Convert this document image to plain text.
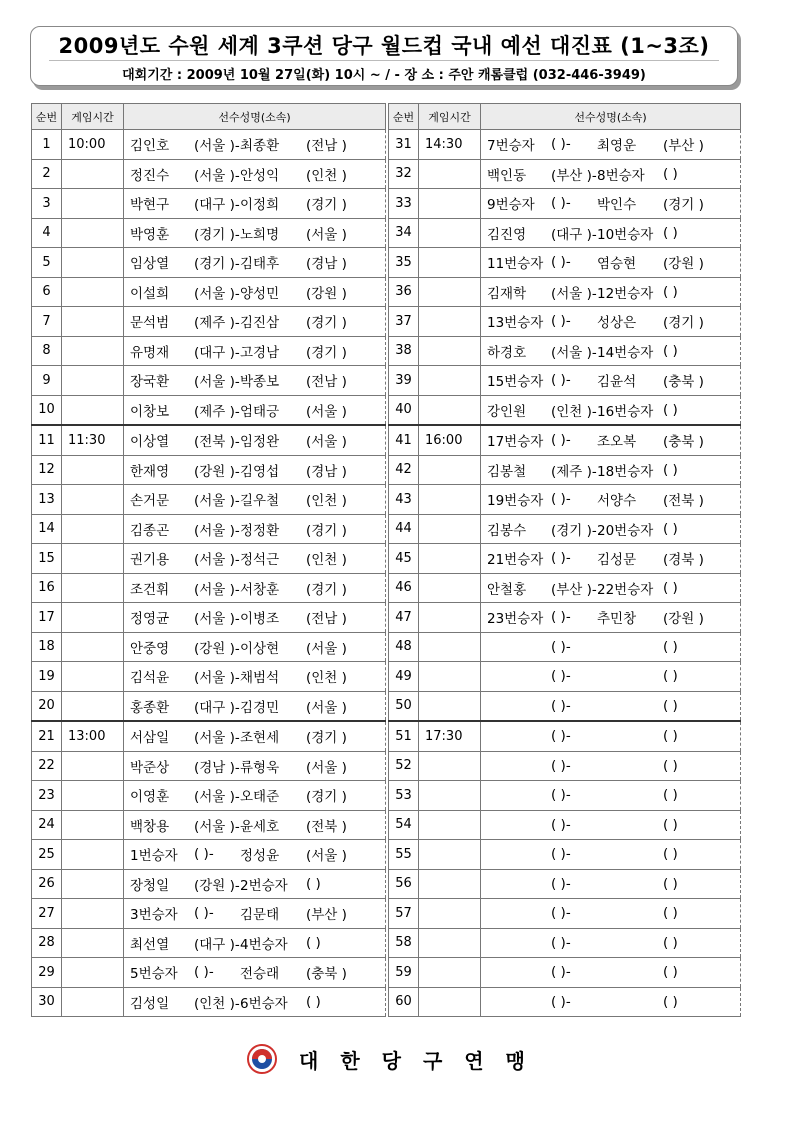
2009년도 수원 세계 3쿠션 당구 월드컵 국내 예선 대진표 (1~3조)
대회기간 : 2009년 10월 27일(화) 10시 ~ / - 장 소 : 주안 캐롬클럽 (032-446-3949)
순번	게임시간	선수성명(소속)
1	10:00	김인호 (서울 )- 최종환 (전남 )

2		정진수 (서울 )- 안성익 (인천 )

3		박현구 (대구 )- 이정희 (경기 )

4		박영훈 (경기 )- 노희명 (서울 )

5		임상열 (경기 )- 김태후 (경남 )

6		이설희 (서울 )- 양성민 (강원 )

7		문석범 (제주 )- 김진삼 (경기 )

8		유명재 (대구 )- 고경남 (경기 )

9		장국환 (서울 )- 박종보 (전남 )

10		이창보 (제주 )- 엄태긍 (서울 )

11	11:30	이상열 (전북 )- 임정완 (서울 )

12		한재영 (강원 )- 김영섭 (경남 )

13		손거문 (서울 )- 길우철 (인천 )

14		김종곤 (서울 )- 정정환 (경기 )

15		권기용 (서울 )- 정석근 (인천 )

16		조건휘 (서울 )- 서창훈 (경기 )

17		정영균 (서울 )- 이병조 (전남 )

18		안중영 (강원 )- 이상현 (서울 )

19		김석윤 (서울 )- 채범석 (인천 )

20		홍종환 (대구 )- 김경민 (서울 )

21	13:00	서삼일 (서울 )- 조현세 (경기 )

22		박준상 (경남 )- 류형욱 (서울 )

23		이영훈 (서울 )- 오태준 (경기 )

24		백창용 (서울 )- 윤세호 (전북 )

25		1번승자 ( )- 정성윤 (서울 )

26		장청일 (강원 )- 2번승자 ( )

27		3번승자 ( )- 김문태 (부산 )

28		최선열 (대구 )- 4번승자 ( )

29		5번승자 ( )- 전승래 (충북 )

30		김성일 (인천 )- 6번승자 ( )
순번	게임시간	선수성명(소속)
31	14:30	7번승자 ( )- 최영운 (부산 )

32		백인동 (부산 )- 8번승자 ( )

33		9번승자 ( )- 박인수 (경기 )

34		김진영 (대구 )- 10번승자 ( )

35		11번승자 ( )- 염승현 (강원 )

36		김재학 (서울 )- 12번승자 ( )

37		13번승자 ( )- 성상은 (경기 )

38		하경호 (서울 )- 14번승자 ( )

39		15번승자 ( )- 김윤석 (충북 )

40		강인원 (인천 )- 16번승자 ( )

41	16:00	17번승자 ( )- 조오복 (충북 )

42		김봉철 (제주 )- 18번승자 ( )

43		19번승자 ( )- 서양수 (전북 )

44		김봉수 (경기 )- 20번승자 ( )

45		21번승자 ( )- 김성문 (경북 )

46		안철홍 (부산 )- 22번승자 ( )

47		23번승자 ( )- 추민창 (강원 )

48		( )- ( )

49		( )- ( )

50		( )- ( )

51	17:30	( )- ( )

52		( )- ( )

53		( )- ( )

54		( )- ( )

55		( )- ( )

56		( )- ( )

57		( )- ( )

58		( )- ( )

59		( )- ( )

60		( )- ( )
대한당구연맹
